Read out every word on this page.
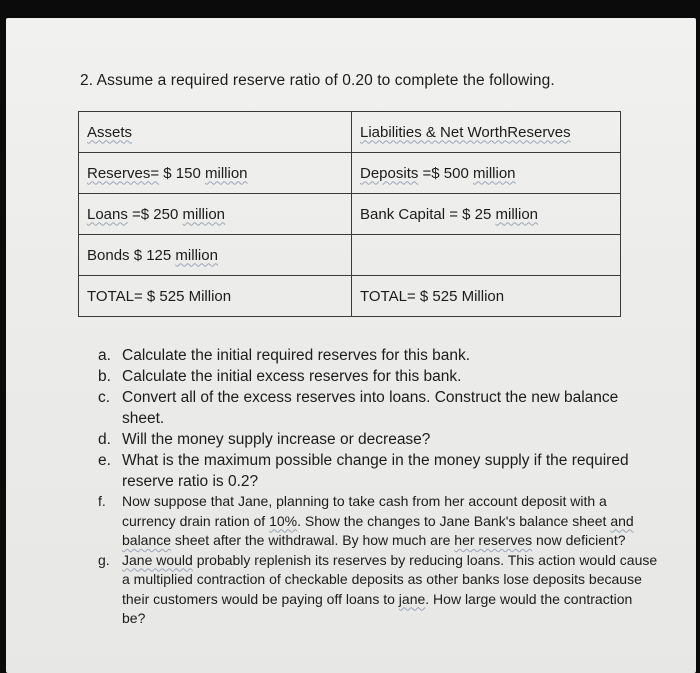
2. Assume a required reserve ratio of 0.20 to complete the following.
Assets	Liabilities & Net WorthReserves
Reserves= $ 150 million	Deposits =$ 500 million
Loans =$ 250 million	Bank Capital = $ 25 million
Bonds $ 125 million	
TOTAL= $ 525 Million	TOTAL= $ 525 Million
a. Calculate the initial required reserves for this bank.
b. Calculate the initial excess reserves for this bank.
c. Convert all of the excess reserves into loans. Construct the new balance sheet.
d. Will the money supply increase or decrease?
e. What is the maximum possible change in the money supply if the required reserve ratio is 0.2?
f. Now suppose that Jane, planning to take cash from her account deposit with a currency drain ration of 10%. Show the changes to Jane Bank's balance sheet and balance sheet after the withdrawal. By how much are her reserves now deficient?
g. Jane would probably replenish its reserves by reducing loans. This action would cause a multiplied contraction of checkable deposits as other banks lose deposits because their customers would be paying off loans to jane. How large would the contraction be?
